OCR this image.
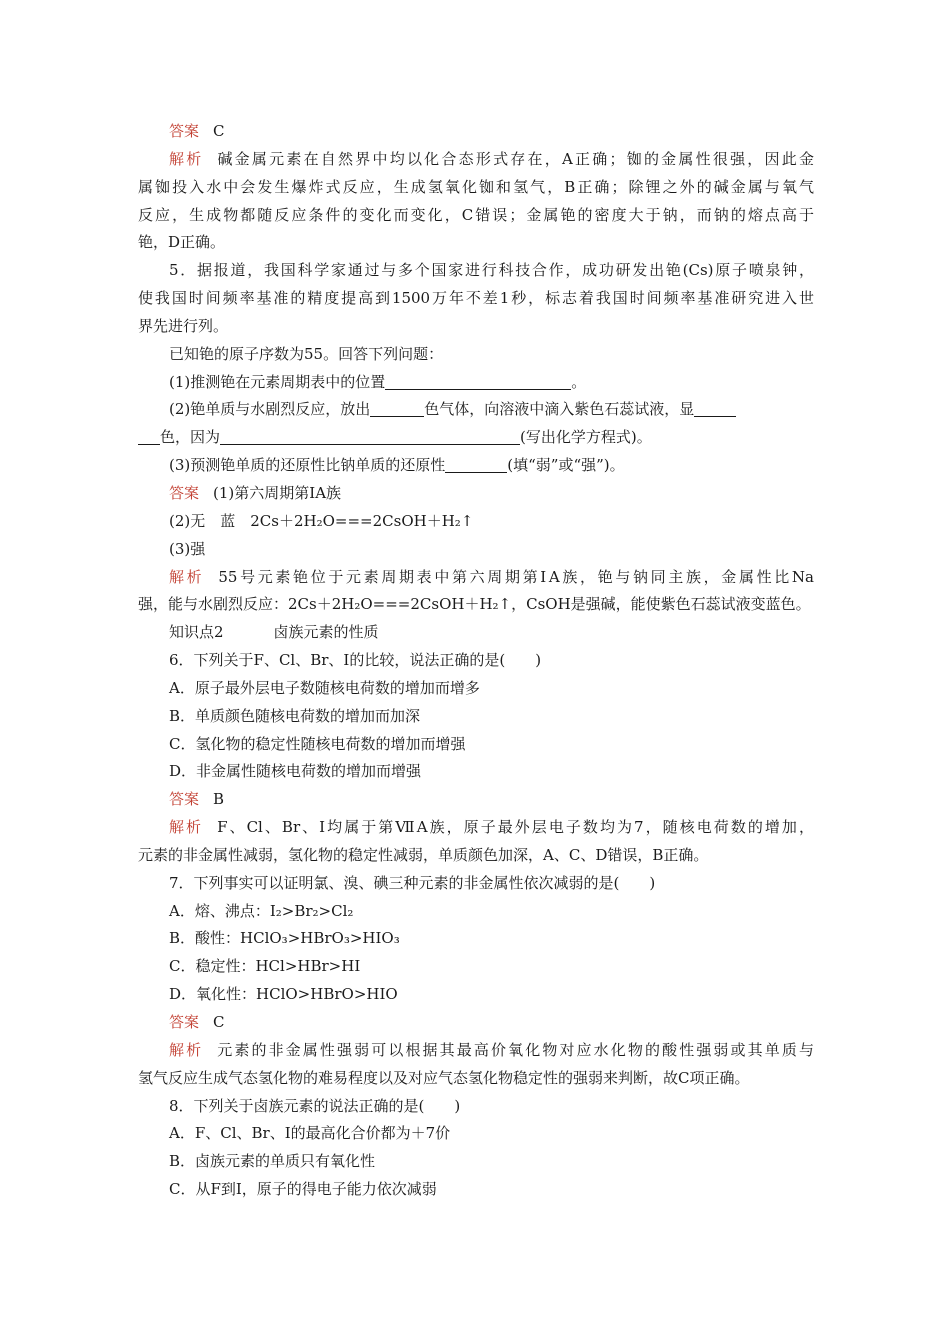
答案 C
解析 碱金属元素在自然界中均以化合态形式存在，A正确；铷的金属性很强，因此金
属铷投入水中会发生爆炸式反应，生成氢氧化铷和氢气，B正确；除锂之外的碱金属与氧气
反应，生成物都随反应条件的变化而变化，C错误；金属铯的密度大于钠，而钠的熔点高于
铯，D正确。
5．据报道，我国科学家通过与多个国家进行科技合作，成功研发出铯(Cs)原子喷泉钟，
使我国时间频率基准的精度提高到1500万年不差1秒，标志着我国时间频率基准研究进入世
界先进行列。
已知铯的原子序数为55。回答下列问题：
(1)推测铯在元素周期表中的位置	。
(2)铯单质与水剧烈反应，放出	色气体，向溶液中滴入紫色石蕊试液，显
色，因为	(写出化学方程式)。
(3)预测铯单质的还原性比钠单质的还原性	(填“弱”或“强”)。
答案 (1)第六周期第ⅠA族
(2)无　蓝　2Cs＋2H₂O===2CsOH＋H₂↑
(3)强
解析 55号元素铯位于元素周期表中第六周期第ⅠA族，铯与钠同主族，金属性比Na
强，能与水剧烈反应：2Cs＋2H₂O===2CsOH＋H₂↑，CsOH是强碱，能使紫色石蕊试液变蓝色。
知识点2	卤族元素的性质
6．下列关于F、Cl、Br、I的比较，说法正确的是(　　)
A．原子最外层电子数随核电荷数的增加而增多
B．单质颜色随核电荷数的增加而加深
C．氢化物的稳定性随核电荷数的增加而增强
D．非金属性随核电荷数的增加而增强
答案 B
解析 F、Cl、Br、I均属于第ⅦA族，原子最外层电子数均为7，随核电荷数的增加，
元素的非金属性减弱，氢化物的稳定性减弱，单质颜色加深，A、C、D错误，B正确。
7．下列事实可以证明氯、溴、碘三种元素的非金属性依次减弱的是(　　)
A．熔、沸点：I₂>Br₂>Cl₂
B．酸性：HClO₃>HBrO₃>HIO₃
C．稳定性：HCl>HBr>HI
D．氧化性：HClO>HBrO>HIO
答案 C
解析 元素的非金属性强弱可以根据其最高价氧化物对应水化物的酸性强弱或其单质与
氢气反应生成气态氢化物的难易程度以及对应气态氢化物稳定性的强弱来判断，故C项正确。
8．下列关于卤族元素的说法正确的是(　　)
A．F、Cl、Br、I的最高化合价都为＋7价
B．卤族元素的单质只有氧化性
C．从F到I，原子的得电子能力依次减弱
